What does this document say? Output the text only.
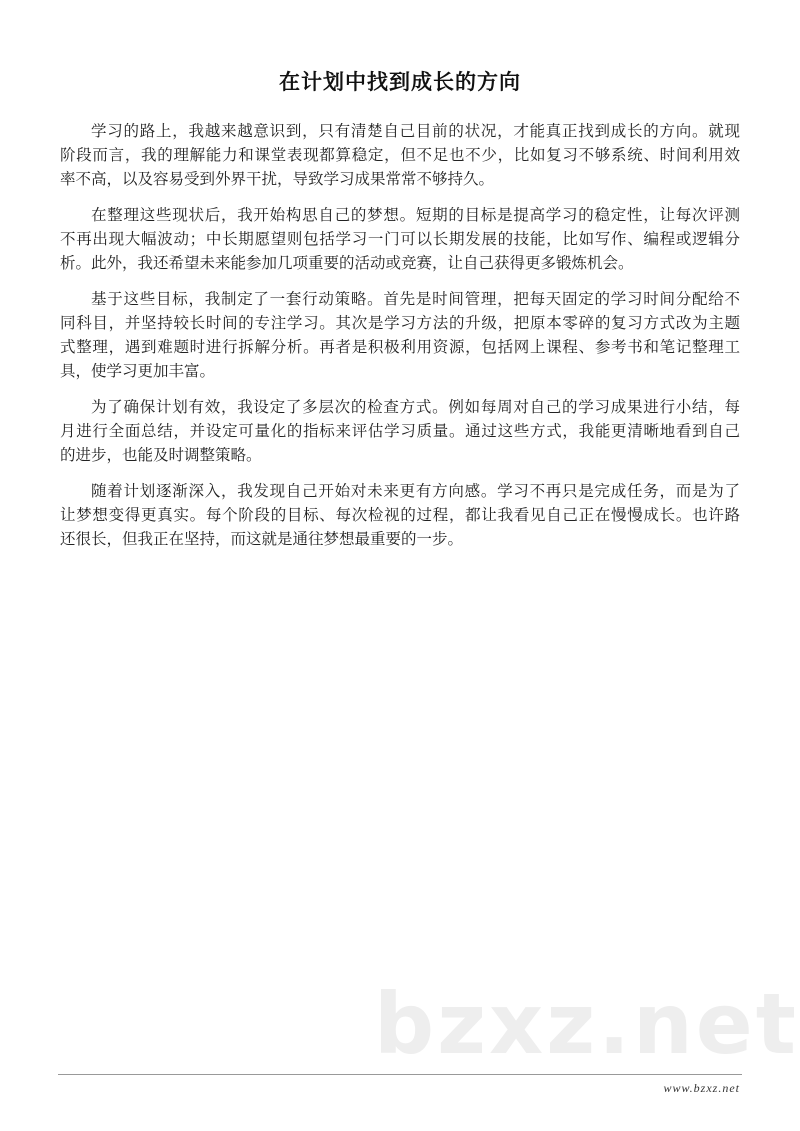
在计划中找到成长的方向
学习的路上，我越来越意识到，只有清楚自己目前的状况，才能真正找到成长的方向。就现
阶段而言，我的理解能力和课堂表现都算稳定，但不足也不少，比如复习不够系统、时间利用效
率不高，以及容易受到外界干扰，导致学习成果常常不够持久。
在整理这些现状后，我开始构思自己的梦想。短期的目标是提高学习的稳定性，让每次评测
不再出现大幅波动；中长期愿望则包括学习一门可以长期发展的技能，比如写作、编程或逻辑分
析。此外，我还希望未来能参加几项重要的活动或竞赛，让自己获得更多锻炼机会。
基于这些目标，我制定了一套行动策略。首先是时间管理，把每天固定的学习时间分配给不
同科目，并坚持较长时间的专注学习。其次是学习方法的升级，把原本零碎的复习方式改为主题
式整理，遇到难题时进行拆解分析。再者是积极利用资源，包括网上课程、参考书和笔记整理工
具，使学习更加丰富。
为了确保计划有效，我设定了多层次的检查方式。例如每周对自己的学习成果进行小结，每
月进行全面总结，并设定可量化的指标来评估学习质量。通过这些方式，我能更清晰地看到自己
的进步，也能及时调整策略。
随着计划逐渐深入，我发现自己开始对未来更有方向感。学习不再只是完成任务，而是为了
让梦想变得更真实。每个阶段的目标、每次检视的过程，都让我看见自己正在慢慢成长。也许路
还很长，但我正在坚持，而这就是通往梦想最重要的一步。
bzxz.net
www.bzxz.net
